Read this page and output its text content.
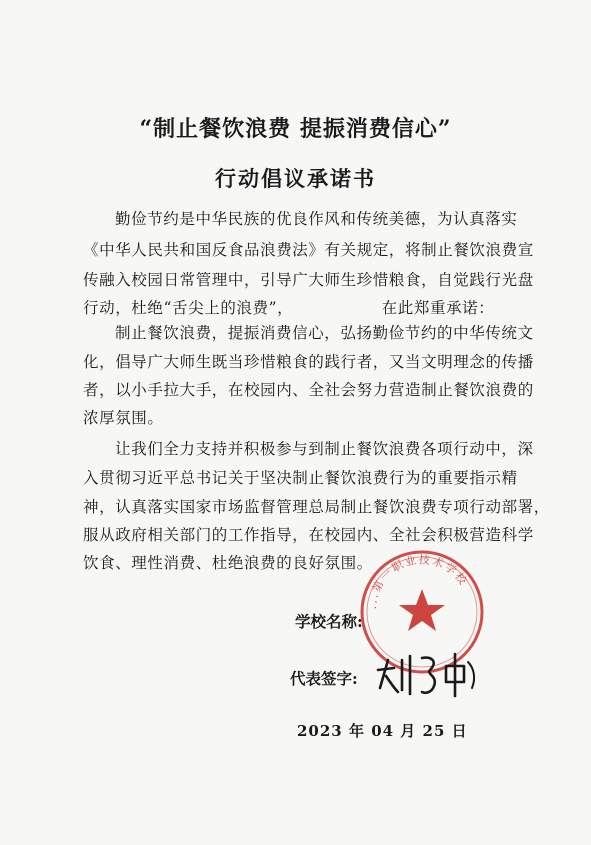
“制止餐饮浪费 提振消费信心”
行动倡议承诺书
勤俭节约是中华民族的优良作风和传统美德，为认真落实
《中华人民共和国反食品浪费法》有关规定，将制止餐饮浪费宣
传融入校园日常管理中，引导广大师生珍惜粮食，自觉践行光盘
行动，杜绝“舌尖上的浪费”，                在此郑重承诺：
制止餐饮浪费，提振消费信心，弘扬勤俭节约的中华传统文
化，倡导广大师生既当珍惜粮食的践行者，又当文明理念的传播
者，以小手拉大手，在校园内、全社会努力营造制止餐饮浪费的
浓厚氛围。
让我们全力支持并积极参与到制止餐饮浪费各项行动中，深
入贯彻习近平总书记关于坚决制止餐饮浪费行为的重要指示精
神，认真落实国家市场监督管理总局制止餐饮浪费专项行动部署，
服从政府相关部门的工作指导，在校园内、全社会积极营造科学
饮食、理性消费、杜绝浪费的良好氛围。
学校名称:
代表签字:
...第一职业技术学校
2023 年 04 月 25 日
